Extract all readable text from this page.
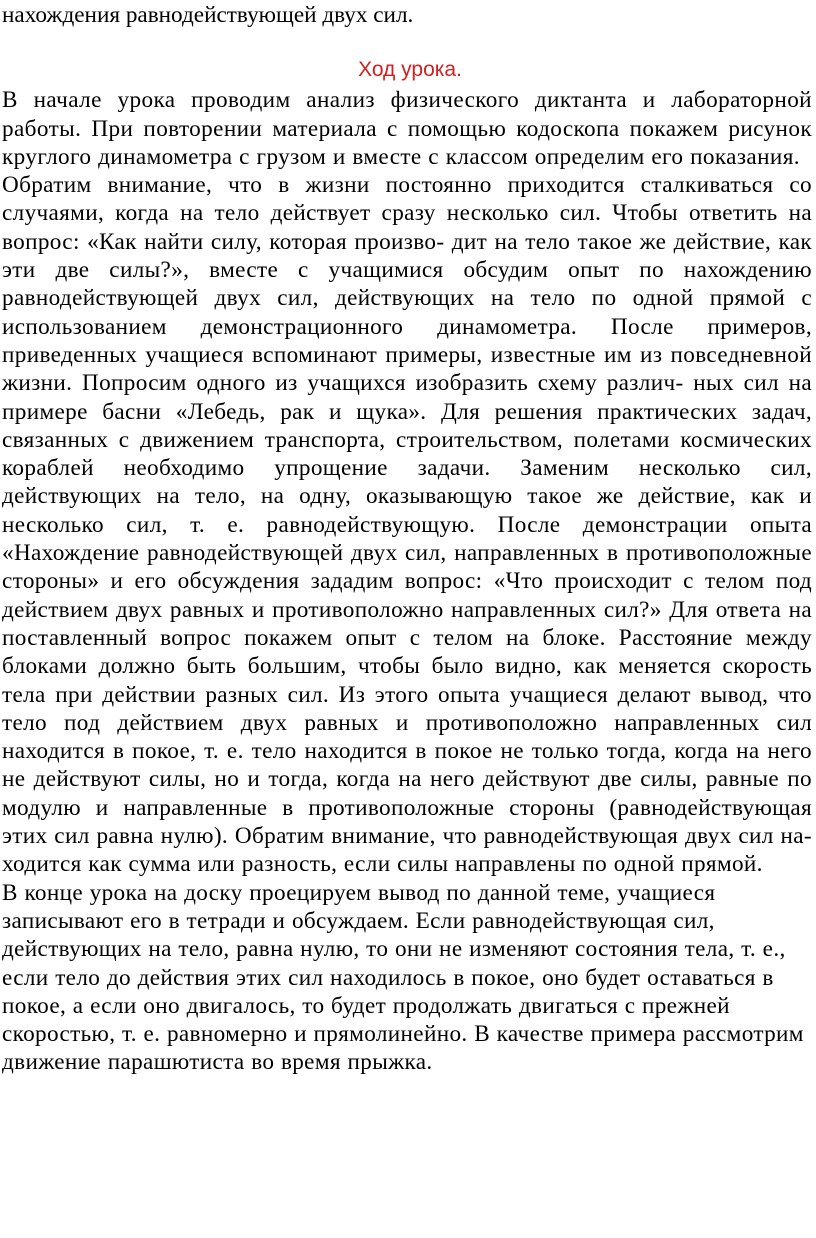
нахождения равнодействующей двух сил.

Ход урока.

В начале урока проводим анализ физического диктанта и лабораторной работы. При повторении материала с помощью кодоскопа покажем рисунок круглого динамометра с грузом и вместе с классом определим его показания.

Обратим внимание, что в жизни постоянно приходится сталкиваться со случаями, когда на тело действует сразу несколько сил. Чтобы ответить на вопрос: «Как найти силу, которая произво- дит на тело такое же действие, как эти две силы?», вместе с учащимися обсудим опыт по нахождению равнодействующей двух сил, действующих на тело по одной прямой с использованием демонстрационного динамометра. После примеров, приведенных учащиеся вспоминают примеры, известные им из повседневной жизни. Попросим одного из учащихся изобразить схему различ- ных сил на примере басни «Лебедь, рак и щука». Для решения практических задач, связанных с движением транспорта, строительством, полетами космических кораблей необходимо упрощение задачи. Заменим несколько сил, действующих на тело, на одну, оказывающую такое же действие, как и несколько сил, т. е. равнодействующую. После демонстрации опыта «Нахождение равнодействующей двух сил, направленных в противоположные стороны» и его обсуждения зададим вопрос: «Что происходит с телом под действием двух равных и противоположно направленных сил?» Для ответа на поставленный вопрос покажем опыт с телом на блоке. Расстояние между блоками должно быть большим, чтобы было видно, как меняется скорость тела при действии разных сил. Из этого опыта учащиеся делают вывод, что тело под действием двух равных и противоположно направленных сил находится в покое, т. е. тело находится в покое не только тогда, когда на него не действуют силы, но и тогда, когда на него действуют две силы, равные по модулю и направленные в противоположные стороны (равнодействующая этих сил равна нулю). Обратим внимание, что равнодействующая двух сил на- ходится как сумма или разность, если силы направлены по одной прямой.

В конце урока на доску проецируем вывод по данной теме, учащиеся записывают его в тетради и обсуждаем. Если равнодействующая сил, действующих на тело, равна нулю, то они не изменяют состояния тела, т. е., если тело до действия этих сил находилось в покое, оно будет оставаться в покое, а если оно двигалось, то будет продолжать двигаться с прежней скоростью, т. е. равномерно и прямолинейно. В качестве примера рассмотрим движение парашютиста во время прыжка.
